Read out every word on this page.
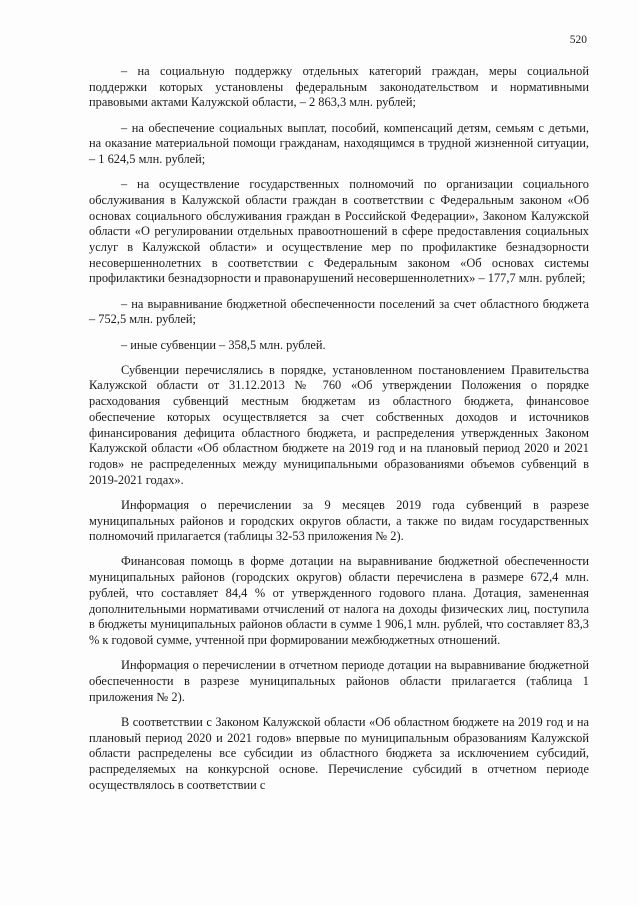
520

– на социальную поддержку отдельных категорий граждан, меры социальной поддержки которых установлены федеральным законодательством и нормативными правовыми актами Калужской области, – 2 863,3 млн. рублей;

– на обеспечение социальных выплат, пособий, компенсаций детям, семьям с детьми, на оказание материальной помощи гражданам, находящимся в трудной жизненной ситуации, – 1 624,5 млн. рублей;

– на осуществление государственных полномочий по организации социального обслуживания в Калужской области граждан в соответствии с Федеральным законом «Об основах социального обслуживания граждан в Российской Федерации», Законом Калужской области «О регулировании отдельных правоотношений в сфере предоставления социальных услуг в Калужской области» и осуществление мер по профилактике безнадзорности несовершеннолетних в соответствии с Федеральным законом «Об основах системы профилактики безнадзорности и правонарушений несовершеннолетних» – 177,7 млн. рублей;

– на выравнивание бюджетной обеспеченности поселений за счет областного бюджета – 752,5 млн. рублей;

– иные субвенции – 358,5 млн. рублей.

Субвенции перечислялись в порядке, установленном постановлением Правительства Калужской области от 31.12.2013 № 760 «Об утверждении Положения о порядке расходования субвенций местным бюджетам из областного бюджета, финансовое обеспечение которых осуществляется за счет собственных доходов и источников финансирования дефицита областного бюджета, и распределения утвержденных Законом Калужской области «Об областном бюджете на 2019 год и на плановый период 2020 и 2021 годов» не распределенных между муниципальными образованиями объемов субвенций в 2019-2021 годах».

Информация о перечислении за 9 месяцев 2019 года субвенций в разрезе муниципальных районов и городских округов области, а также по видам государственных полномочий прилагается (таблицы 32-53 приложения № 2).

Финансовая помощь в форме дотации на выравнивание бюджетной обеспеченности муниципальных районов (городских округов) области перечислена в размере 672,4 млн. рублей, что составляет 84,4 % от утвержденного годового плана. Дотация, замененная дополнительными нормативами отчислений от налога на доходы физических лиц, поступила в бюджеты муниципальных районов области в сумме 1 906,1 млн. рублей, что составляет 83,3 % к годовой сумме, учтенной при формировании межбюджетных отношений.

Информация о перечислении в отчетном периоде дотации на выравнивание бюджетной обеспеченности в разрезе муниципальных районов области прилагается (таблица 1 приложения № 2).

В соответствии с Законом Калужской области «Об областном бюджете на 2019 год и на плановый период 2020 и 2021 годов» впервые по муниципальным образованиям Калужской области распределены все субсидии из областного бюджета за исключением субсидий, распределяемых на конкурсной основе. Перечисление субсидий в отчетном периоде осуществлялось в соответствии с
